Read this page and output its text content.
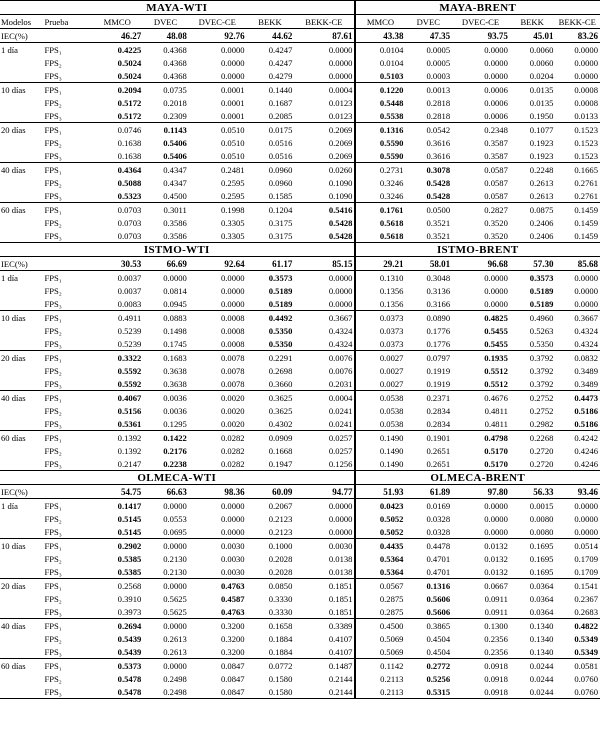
MAYA-WTI							MAYA-BRENT				
Modelos	Prueba	MMCO	DVEC	DVEC-CE	BEKK	BEKK-CE	MMCO	DVEC	DVEC-CE	BEKK	BEKK-CE
IEC(%)		46.27	48.08	92.76	44.62	87.61	43.38	47.35	93.75	45.01	83.26
1 día	FPS₁	0.4225	0.4368	0.0000	0.4247	0.0000	0.0104	0.0005	0.0000	0.0060	0.0000
	FPS₂	0.5024	0.4368	0.0000	0.4247	0.0000	0.0104	0.0005	0.0000	0.0060	0.0000
	FPS₃	0.5024	0.4368	0.0000	0.4279	0.0000	0.5103	0.0003	0.0000	0.0204	0.0000
10 días	FPS₁	0.2094	0.0735	0.0001	0.1440	0.0004	0.1220	0.0013	0.0006	0.0135	0.0008
	FPS₂	0.5172	0.2018	0.0001	0.1687	0.0123	0.5448	0.2818	0.0006	0.0135	0.0008
	FPS₃	0.5172	0.2309	0.0001	0.2085	0.0123	0.5538	0.2818	0.0006	0.1950	0.0133
20 días	FPS₁	0.0746	0.1143	0.0510	0.0175	0.2069	0.1316	0.0542	0.2348	0.1077	0.1523
	FPS₂	0.1638	0.5406	0.0510	0.0516	0.2069	0.5590	0.3616	0.3587	0.1923	0.1523
	FPS₃	0.1638	0.5406	0.0510	0.0516	0.2069	0.5590	0.3616	0.3587	0.1923	0.1523
40 días	FPS₁	0.4364	0.4347	0.2481	0.0960	0.0260	0.2731	0.3078	0.0587	0.2248	0.1665
	FPS₂	0.5088	0.4347	0.2595	0.0960	0.1090	0.3246	0.5428	0.0587	0.2613	0.2761
	FPS₃	0.5323	0.4500	0.2595	0.1585	0.1090	0.3246	0.5428	0.0587	0.2613	0.2761
60 días	FPS₁	0.0703	0.3011	0.1998	0.1204	0.5416	0.1761	0.0500	0.2827	0.0875	0.1459
	FPS₂	0.0703	0.3586	0.3305	0.3175	0.5428	0.5618	0.3521	0.3520	0.2406	0.1459
	FPS₃	0.0703	0.3586	0.3305	0.3175	0.5428	0.5618	0.3521	0.3520	0.2406	0.1459
ISTMO-WTI							ISTMO-BRENT				
IEC(%)		30.53	66.69	92.64	61.17	85.15	29.21	58.01	96.68	57.30	85.68
1 día	FPS₁	0.0037	0.0000	0.0000	0.3573	0.0000	0.1310	0.3048	0.0000	0.3573	0.0000
	FPS₂	0.0037	0.0814	0.0000	0.5189	0.0000	0.1356	0.3136	0.0000	0.5189	0.0000
	FPS₃	0.0083	0.0945	0.0000	0.5189	0.0000	0.1356	0.3166	0.0000	0.5189	0.0000
10 días	FPS₁	0.4911	0.0883	0.0008	0.4492	0.3667	0.0373	0.0890	0.4825	0.4960	0.3667
	FPS₂	0.5239	0.1498	0.0008	0.5350	0.4324	0.0373	0.1776	0.5455	0.5263	0.4324
	FPS₃	0.5239	0.1745	0.0008	0.5350	0.4324	0.0373	0.1776	0.5455	0.5350	0.4324
20 días	FPS₁	0.3322	0.1683	0.0078	0.2291	0.0076	0.0027	0.0797	0.1935	0.3792	0.0832
	FPS₂	0.5592	0.3638	0.0078	0.2698	0.0076	0.0027	0.1919	0.5512	0.3792	0.3489
	FPS₃	0.5592	0.3638	0.0078	0.3660	0.2031	0.0027	0.1919	0.5512	0.3792	0.3489
40 días	FPS₁	0.4067	0.0036	0.0020	0.3625	0.0004	0.0538	0.2371	0.4676	0.2752	0.4473
	FPS₂	0.5156	0.0036	0.0020	0.3625	0.0241	0.0538	0.2834	0.4811	0.2752	0.5186
	FPS₃	0.5361	0.1295	0.0020	0.4302	0.0241	0.0538	0.2834	0.4811	0.2982	0.5186
60 días	FPS₁	0.1392	0.1422	0.0282	0.0909	0.0257	0.1490	0.1901	0.4798	0.2268	0.4242
	FPS₂	0.1392	0.2176	0.0282	0.1668	0.0257	0.1490	0.2651	0.5170	0.2720	0.4246
	FPS₃	0.2147	0.2238	0.0282	0.1947	0.1256	0.1490	0.2651	0.5170	0.2720	0.4246
OLMECA-WTI							OLMECA-BRENT				
IEC(%)		54.75	66.63	98.36	60.09	94.77	51.93	61.89	97.80	56.33	93.46
1 día	FPS₁	0.1417	0.0000	0.0000	0.2067	0.0000	0.0423	0.0169	0.0000	0.0015	0.0000
	FPS₂	0.5145	0.0553	0.0000	0.2123	0.0000	0.5052	0.0328	0.0000	0.0080	0.0000
	FPS₃	0.5145	0.0695	0.0000	0.2123	0.0000	0.5052	0.0328	0.0000	0.0080	0.0000
10 días	FPS₁	0.2902	0.0000	0.0030	0.1000	0.0030	0.4435	0.4478	0.0132	0.1695	0.0514
	FPS₂	0.5385	0.2130	0.0030	0.2028	0.0138	0.5364	0.4701	0.0132	0.1695	0.1709
	FPS₃	0.5385	0.2130	0.0030	0.2028	0.0138	0.5364	0.4701	0.0132	0.1695	0.1709
20 días	FPS₁	0.2568	0.0000	0.4763	0.0850	0.1851	0.0567	0.1316	0.0667	0.0364	0.1541
	FPS₂	0.3910	0.5625	0.4587	0.3330	0.1851	0.2875	0.5606	0.0911	0.0364	0.2367
	FPS₃	0.3973	0.5625	0.4763	0.3330	0.1851	0.2875	0.5606	0.0911	0.0364	0.2683
40 días	FPS₁	0.2694	0.0000	0.3200	0.1658	0.3389	0.4500	0.3865	0.1300	0.1340	0.4822
	FPS₂	0.5439	0.2613	0.3200	0.1884	0.4107	0.5069	0.4504	0.2356	0.1340	0.5349
	FPS₃	0.5439	0.2613	0.3200	0.1884	0.4107	0.5069	0.4504	0.2356	0.1340	0.5349
60 días	FPS₁	0.5373	0.0000	0.0847	0.0772	0.1487	0.1142	0.2772	0.0918	0.0244	0.0581
	FPS₂	0.5478	0.2498	0.0847	0.1580	0.2144	0.2113	0.5256	0.0918	0.0244	0.0760
	FPS₃	0.5478	0.2498	0.0847	0.1580	0.2144	0.2113	0.5315	0.0918	0.0244	0.0760
